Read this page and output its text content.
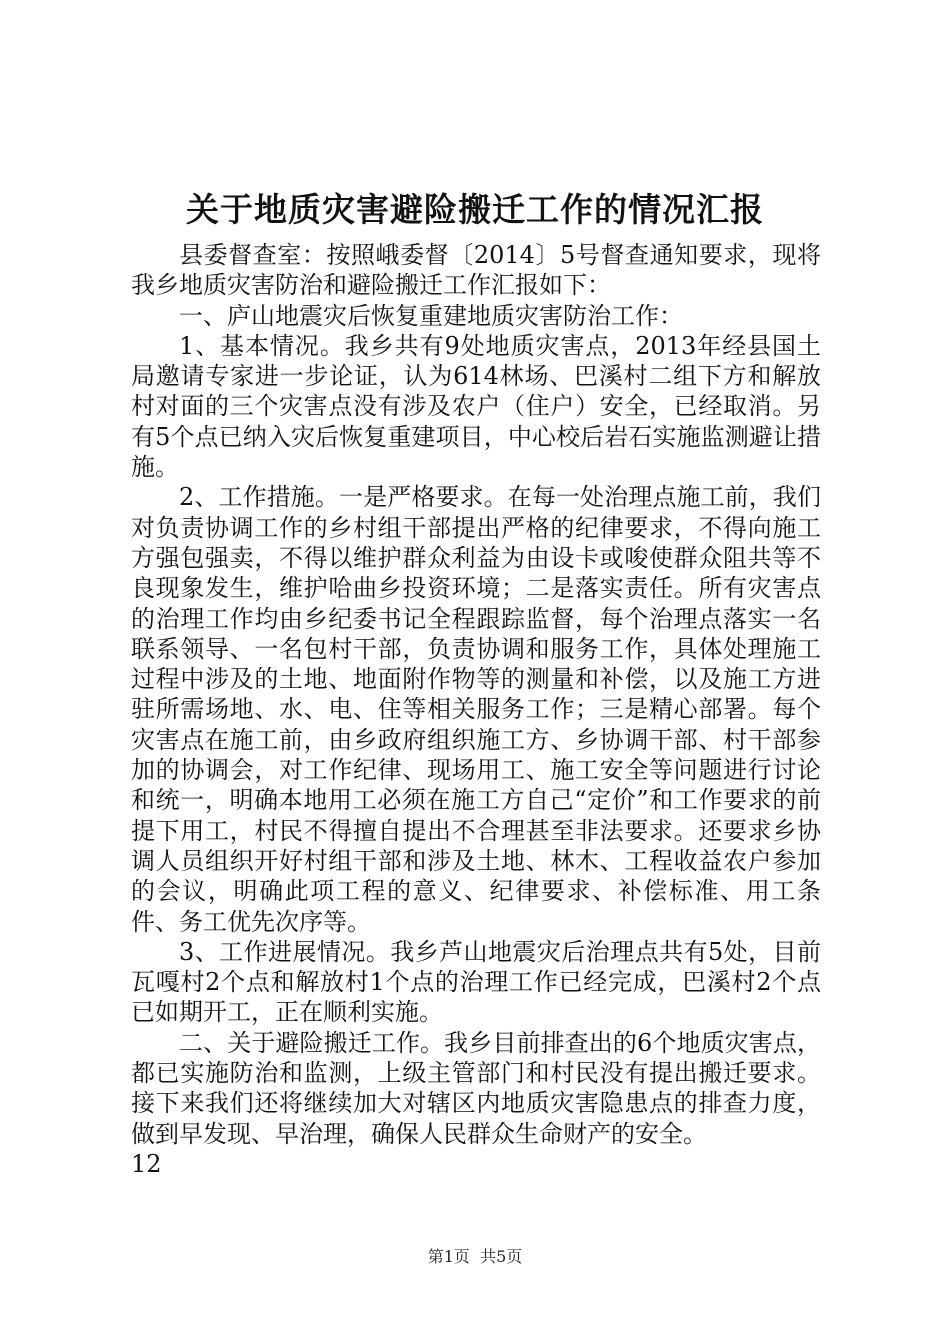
关于地质灾害避险搬迁工作的情况汇报

县委督查室：按照峨委督〔2014〕5号督查通知要求，现将我乡地质灾害防治和避险搬迁工作汇报如下：

一、庐山地震灾后恢复重建地质灾害防治工作：

1、基本情况。我乡共有9处地质灾害点，2013年经县国土局邀请专家进一步论证，认为614林场、巴溪村二组下方和解放村对面的三个灾害点没有涉及农户（住户）安全，已经取消。另有5个点已纳入灾后恢复重建项目，中心校后岩石实施监测避让措施。

2、工作措施。一是严格要求。在每一处治理点施工前，我们对负责协调工作的乡村组干部提出严格的纪律要求，不得向施工方强包强卖，不得以维护群众利益为由设卡或唆使群众阻共等不良现象发生，维护哈曲乡投资环境；二是落实责任。所有灾害点的治理工作均由乡纪委书记全程跟踪监督，每个治理点落实一名联系领导、一名包村干部，负责协调和服务工作，具体处理施工过程中涉及的土地、地面附作物等的测量和补偿，以及施工方进驻所需场地、水、电、住等相关服务工作；三是精心部署。每个灾害点在施工前，由乡政府组织施工方、乡协调干部、村干部参加的协调会，对工作纪律、现场用工、施工安全等问题进行讨论和统一，明确本地用工必须在施工方自己“定价”和工作要求的前提下用工，村民不得擅自提出不合理甚至非法要求。还要求乡协调人员组织开好村组干部和涉及土地、林木、工程收益农户参加的会议，明确此项工程的意义、纪律要求、补偿标准、用工条件、务工优先次序等。

3、工作进展情况。我乡芦山地震灾后治理点共有5处，目前瓦嘎村2个点和解放村1个点的治理工作已经完成，巴溪村2个点已如期开工，正在顺利实施。

二、关于避险搬迁工作。我乡目前排查出的6个地质灾害点，都已实施防治和监测，上级主管部门和村民没有提出搬迁要求。接下来我们还将继续加大对辖区内地质灾害隐患点的排查力度，做到早发现、早治理，确保人民群众生命财产的安全。

12

第1页  共5页
